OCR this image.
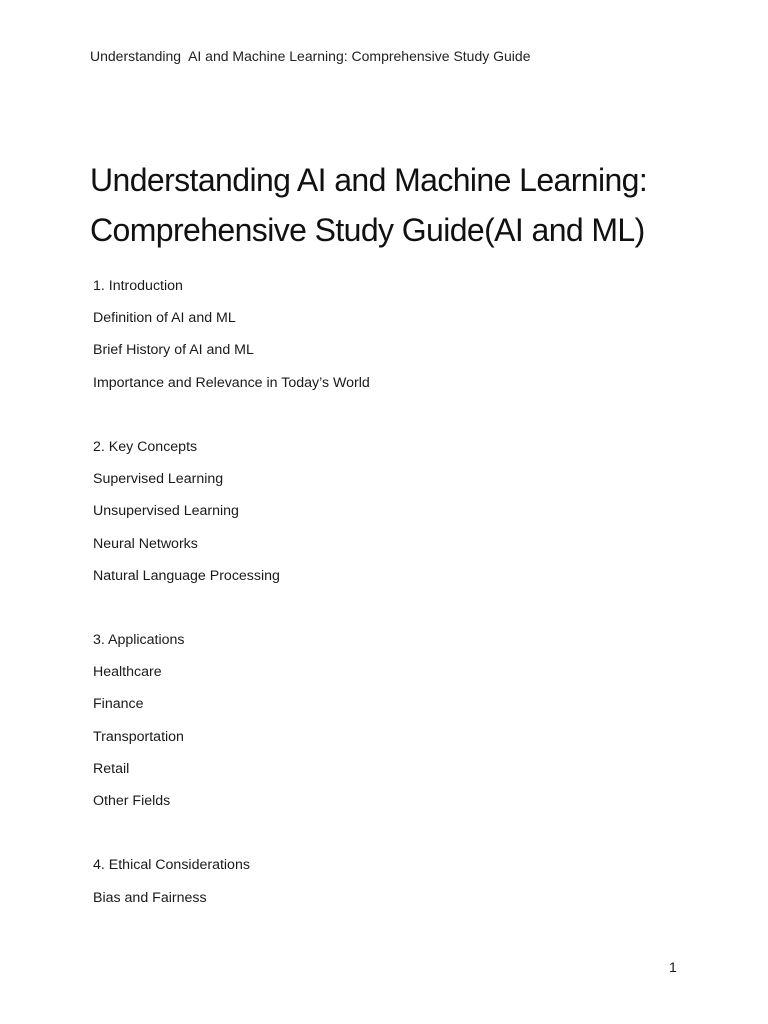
Understanding  AI and Machine Learning: Comprehensive Study Guide
Understanding AI and Machine Learning:
Comprehensive Study Guide(AI and ML)
1. Introduction
Definition of AI and ML
Brief History of AI and ML
Importance and Relevance in Today’s World
2. Key Concepts
Supervised Learning
Unsupervised Learning
Neural Networks
Natural Language Processing
3. Applications
Healthcare
Finance
Transportation
Retail
Other Fields
4. Ethical Considerations
Bias and Fairness
1
